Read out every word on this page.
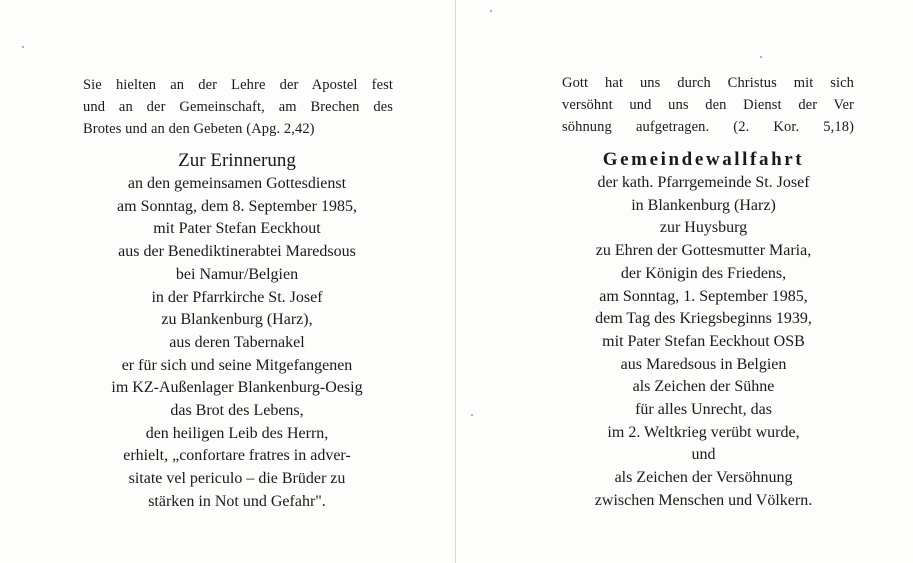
Sie hielten an der Lehre der Apostel fest
und an der Gemeinschaft, am Brechen des
Brotes und an den Gebeten (Apg. 2,42)
Zur Erinnerung
an den gemeinsamen Gottesdienst
am Sonntag, dem 8. September 1985,
mit Pater Stefan Eeckhout
aus der Benediktinerabtei Maredsous
bei Namur/Belgien
in der Pfarrkirche St. Josef
zu Blankenburg (Harz),
aus deren Tabernakel
er für sich und seine Mitgefangenen
im KZ-Außenlager Blankenburg-Oesig
das Brot des Lebens,
den heiligen Leib des Herrn,
erhielt, „confortare fratres in adver-
sitate vel periculo – die Brüder zu
stärken in Not und Gefahr".
Gott hat uns durch Christus mit sich
versöhnt und uns den Dienst der Ver
söhnung aufgetragen. (2. Kor. 5,18)
Gemeindewallfahrt
der kath. Pfarrgemeinde St. Josef
in Blankenburg (Harz)
zur Huysburg
zu Ehren der Gottesmutter Maria,
der Königin des Friedens,
am Sonntag, 1. September 1985,
dem Tag des Kriegsbeginns 1939,
mit Pater Stefan Eeckhout OSB
aus Maredsous in Belgien
als Zeichen der Sühne
für alles Unrecht, das
im 2. Weltkrieg verübt wurde,
und
als Zeichen der Versöhnung
zwischen Menschen und Völkern.
